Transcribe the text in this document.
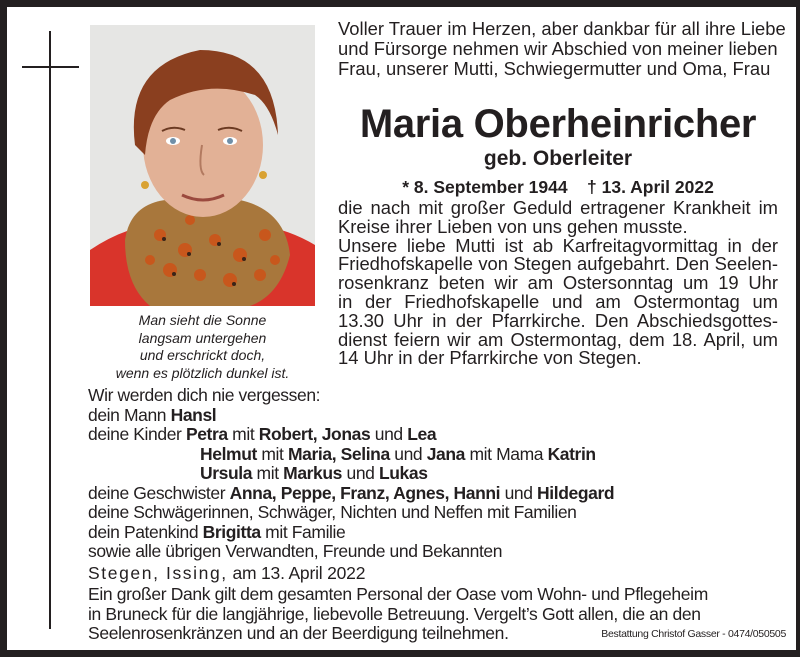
Man sieht die Sonne
langsam untergehen
und erschrickt doch,
wenn es plötzlich dunkel ist.
Voller Trauer im Herzen, aber dankbar für all ihre Liebe
und Fürsorge nehmen wir Abschied von meiner lieben
Frau, unserer Mutti, Schwiegermutter und Oma, Frau
Maria Oberheinricher
geb. Oberleiter
* 8. September 1944 † 13. April 2022
die nach mit großer Geduld ertragener Krankheit im
Kreise ihrer Lieben von uns gehen musste.
Unsere liebe Mutti ist ab Karfreitagvormittag in der
Friedhofskapelle von Stegen aufgebahrt. Den Seelen-
rosenkranz beten wir am Ostersonntag um 19 Uhr
in der Friedhofskapelle und am Ostermontag um
13.30 Uhr in der Pfarrkirche. Den Abschiedsgottes-
dienst feiern wir am Ostermontag, dem 18. April, um
14 Uhr in der Pfarrkirche von Stegen.
Wir werden dich nie vergessen:
dein Mann Hansl
deine Kinder Petra mit Robert, Jonas und Lea
Helmut mit Maria, Selina und Jana mit Mama Katrin
Ursula mit Markus und Lukas
deine Geschwister Anna, Peppe, Franz, Agnes, Hanni und Hildegard
deine Schwägerinnen, Schwäger, Nichten und Neffen mit Familien
dein Patenkind Brigitta mit Familie
sowie alle übrigen Verwandten, Freunde und Bekannten
Stegen, Issing, am 13. April 2022
Ein großer Dank gilt dem gesamten Personal der Oase vom Wohn- und Pflegeheim
in Bruneck für die langjährige, liebevolle Betreuung. Vergelt’s Gott allen, die an den
Seelenrosenkränzen und an der Beerdigung teilnehmen.	Bestattung Christof Gasser - 0474/050505
